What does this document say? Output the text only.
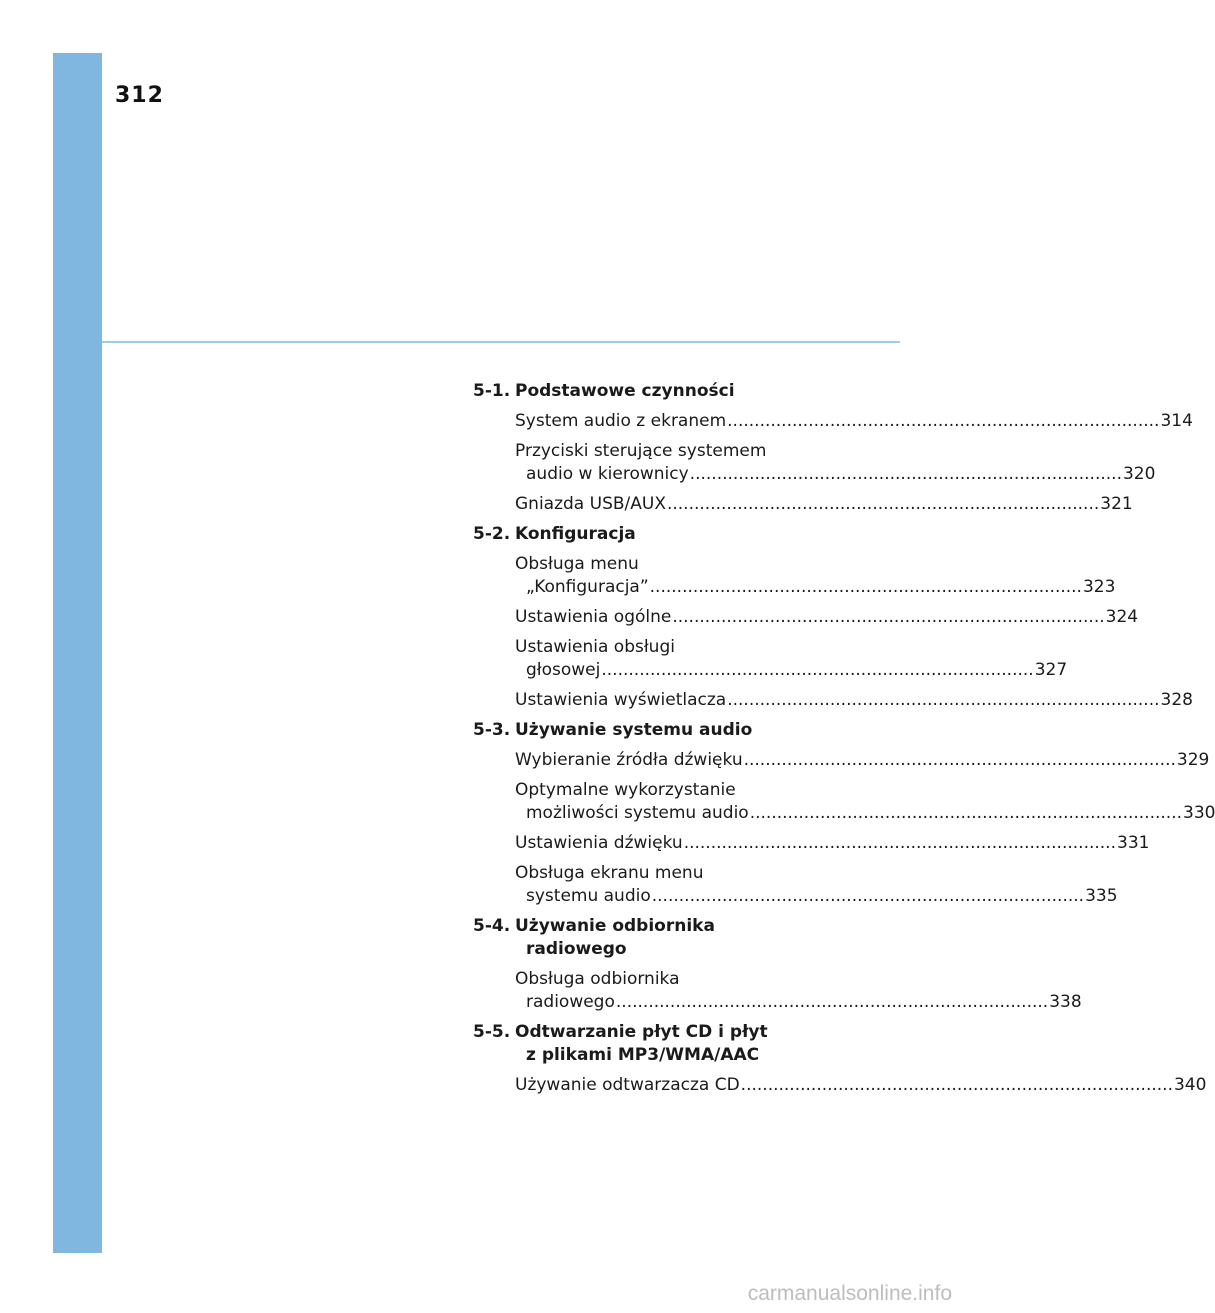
312
5-1. Podstawowe czynności
System audio z ekranem .....	314
Przyciski sterujące systemem
audio w kierownicy .....	320
Gniazda USB/AUX .....	321
5-2. Konfiguracja
Obsługa menu
„Konfiguracja” .....	323
Ustawienia ogólne .....	324
Ustawienia obsługi
głosowej .....	327
Ustawienia wyświetlacza .....	328
5-3. Używanie systemu audio
Wybieranie źródła dźwięku .....	329
Optymalne wykorzystanie
możliwości systemu audio .....	330
Ustawienia dźwięku .....	331
Obsługa ekranu menu
systemu audio .....	335
5-4. Używanie odbiornika
radiowego
Obsługa odbiornika
radiowego .....	338
5-5. Odtwarzanie płyt CD i płyt
z plikami MP3/WMA/AAC
Używanie odtwarzacza CD .....	340
carmanualsonline.info
